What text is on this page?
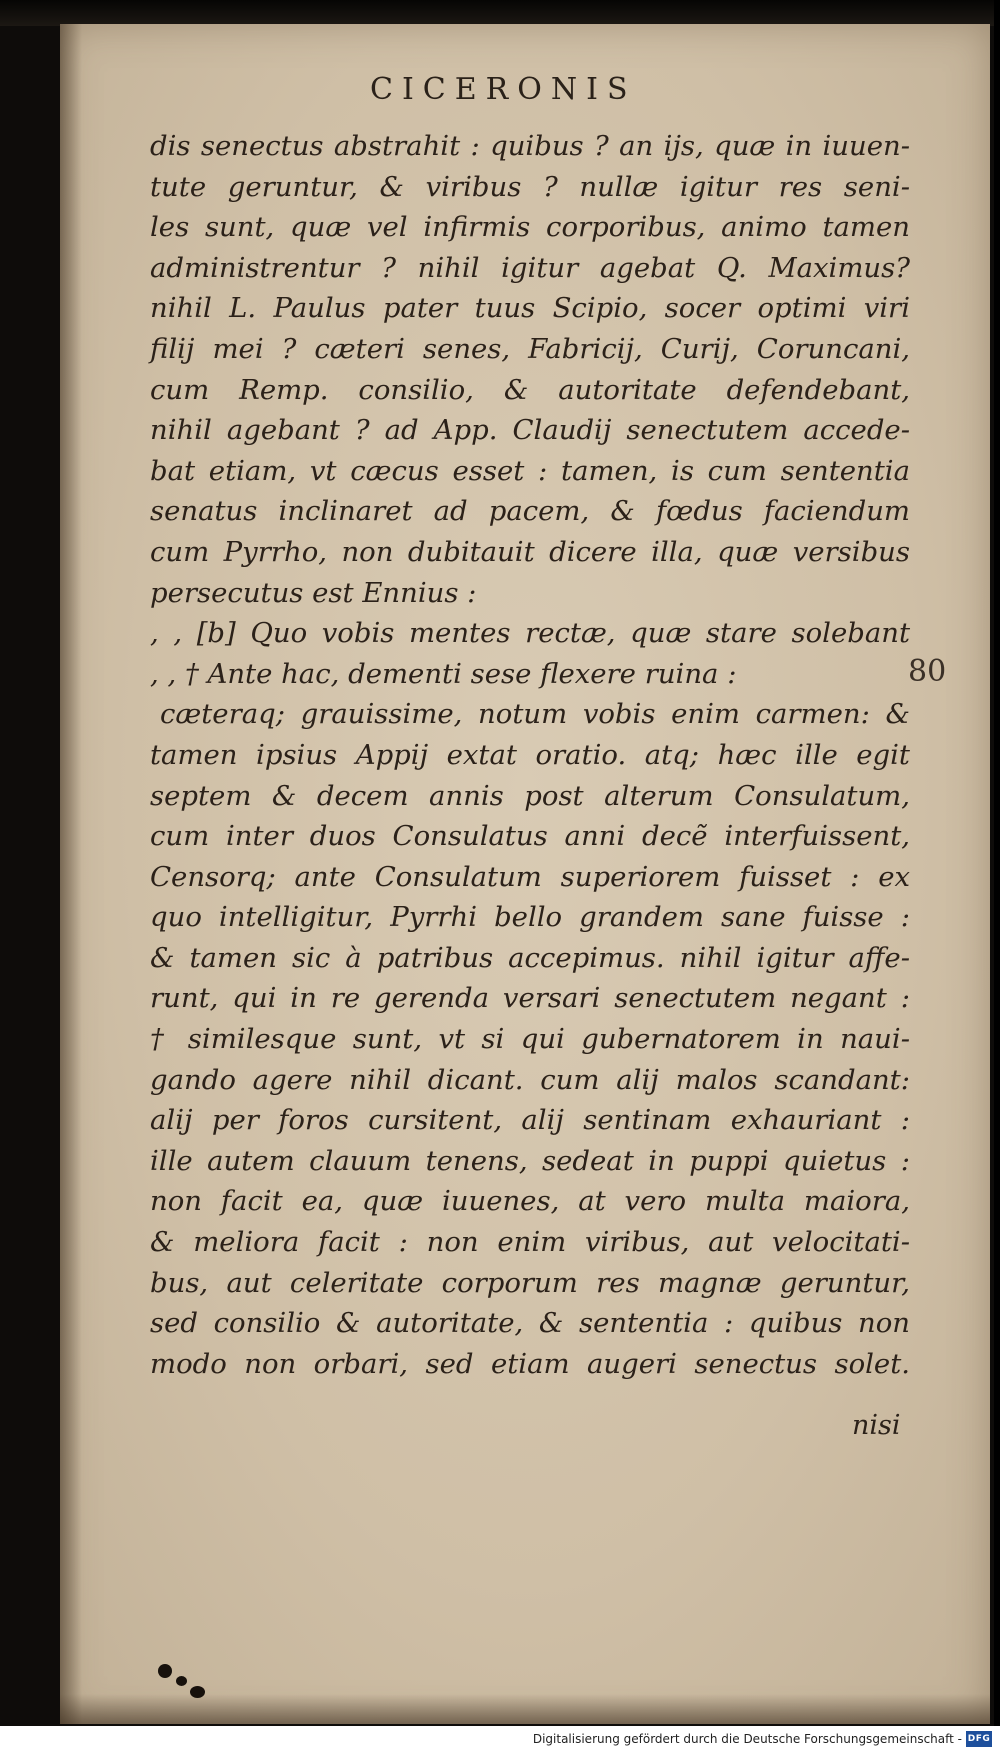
CICERONIS
dis senectus abstrahit : quibus ? an ijs, quæ in iuuen-
tute geruntur, & viribus ? nullæ igitur res seni-
les sunt, quæ vel infirmis corporibus, animo tamen
administrentur ? nihil igitur agebat Q. Maximus?
nihil L. Paulus pater tuus Scipio, socer optimi viri
filij mei ? cæteri senes, Fabricij, Curij, Coruncani,
cum Remp. consilio, & autoritate defendebant,
nihil agebant ? ad App. Claudij senectutem accede-
bat etiam, vt cæcus esset : tamen, is cum sententia
senatus inclinaret ad pacem, & fœdus faciendum
cum Pyrrho, non dubitauit dicere illa, quæ versibus
persecutus est Ennius :
, , [b] Quo vobis mentes rectæ, quæ stare solebant
, , † Ante hac, dementi sese flexere ruina :
cæteraq; grauissime, notum vobis enim carmen: &
tamen ipsius Appij extat oratio. atq; hæc ille egit
septem & decem annis post alterum Consulatum,
cum inter duos Consulatus anni decẽ interfuissent,
Censorq; ante Consulatum superiorem fuisset : ex
quo intelligitur, Pyrrhi bello grandem sane fuisse :
& tamen sic à patribus accepimus. nihil igitur affe-
runt, qui in re gerenda versari senectutem negant :
† similesque sunt, vt si qui gubernatorem in naui-
gando agere nihil dicant. cum alij malos scandant:
alij per foros cursitent, alij sentinam exhauriant :
ille autem clauum tenens, sedeat in puppi quietus :
non facit ea, quæ iuuenes, at vero multa maiora,
& meliora facit : non enim viribus, aut velocitati-
bus, aut celeritate corporum res magnæ geruntur,
sed consilio & autoritate, & sententia : quibus non
modo non orbari, sed etiam augeri senectus solet.
80
nisi
Digitalisierung gefördert durch die Deutsche Forschungsgemeinschaft - DFG
